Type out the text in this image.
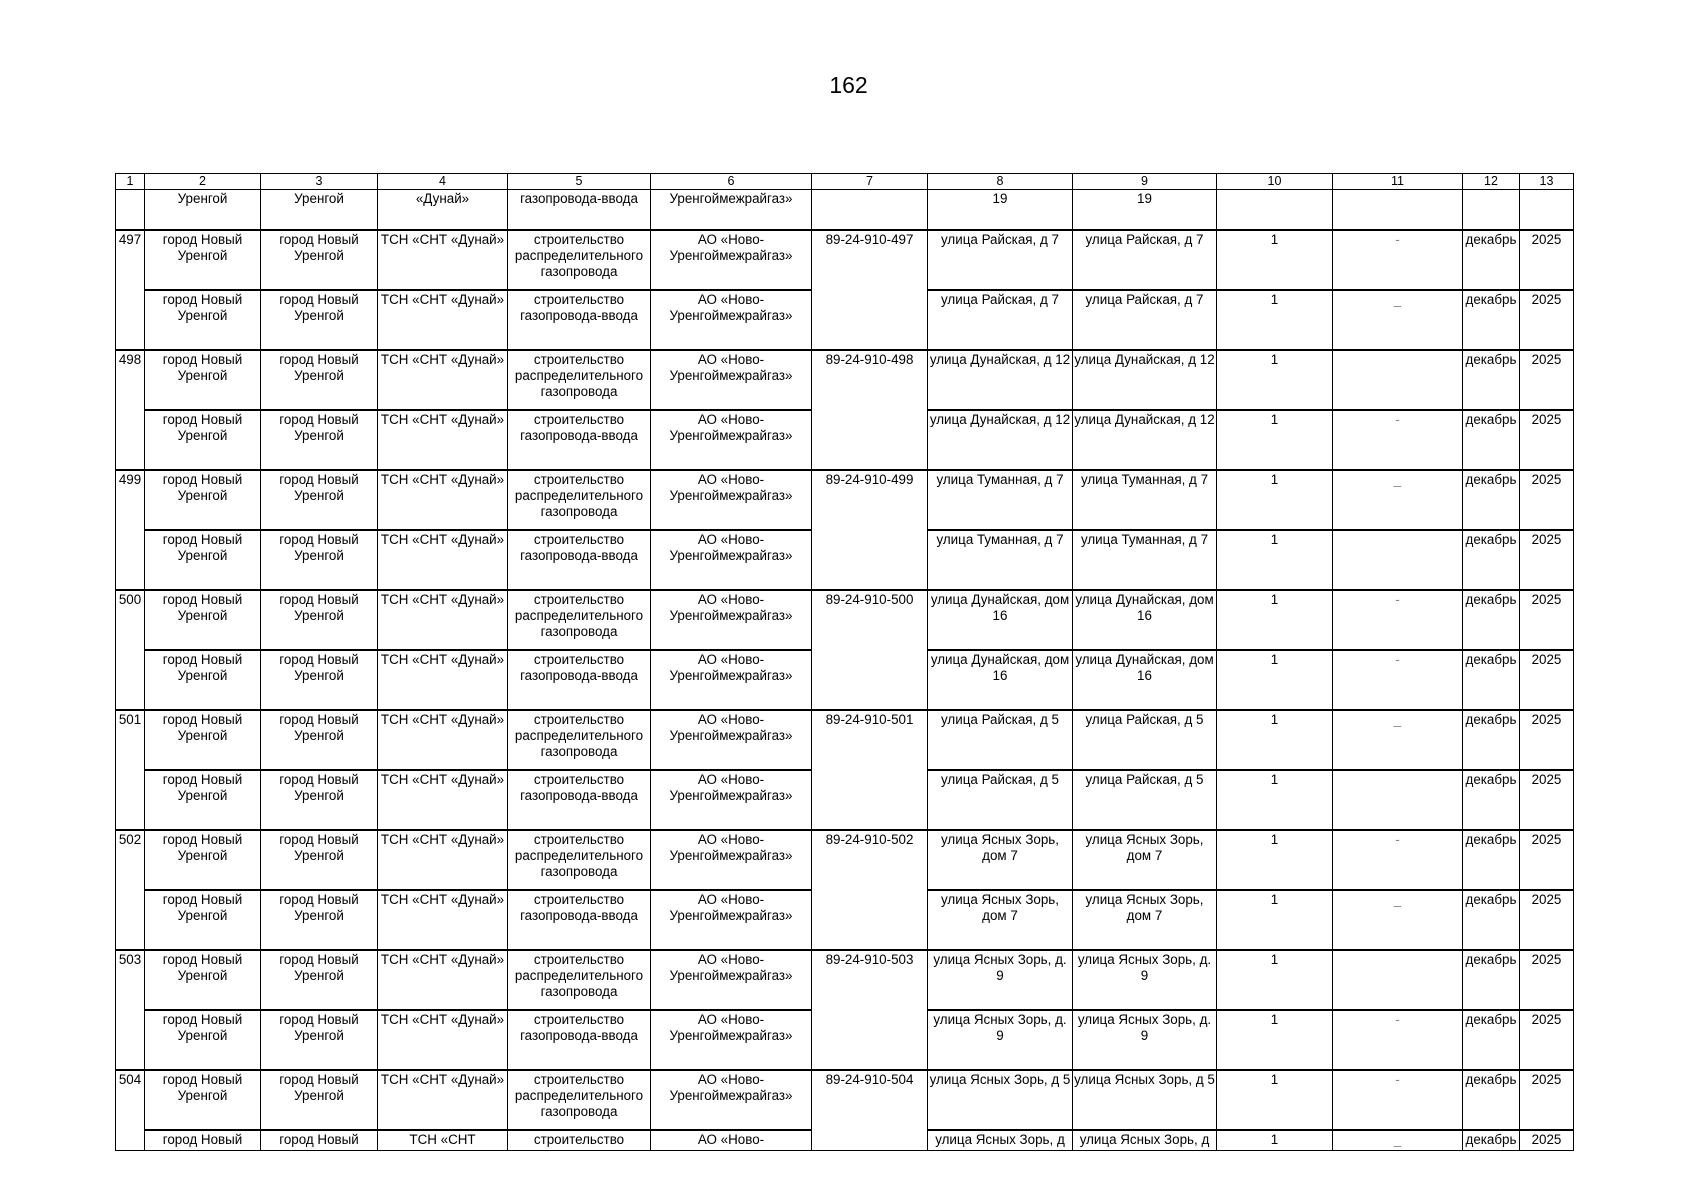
162
1	2	3	4	5	6	7	8	9	10	11	12	13
	Уренгой	Уренгой	«Дунай»	газопровода-ввода	Уренгоймежрайгаз»		19	19				
497	город Новый Уренгой	город Новый Уренгой	ТСН «СНТ «Дунай»	строительство распределительного газопровода	АО «Ново-Уренгоймежрайгаз»	89-24-910-497	улица Райская, д 7	улица Райская, д 7	1	-	декабрь	2025
	город Новый Уренгой	город Новый Уренгой	ТСН «СНТ «Дунай»	строительство газопровода-ввода	АО «Ново-Уренгоймежрайгаз»		улица Райская, д 7	улица Райская, д 7	1	_	декабрь	2025
498	город Новый Уренгой	город Новый Уренгой	ТСН «СНТ «Дунай»	строительство распределительного газопровода	АО «Ново-Уренгоймежрайгаз»	89-24-910-498	улица Дунайская, д 12	улица Дунайская, д 12	1		декабрь	2025
	город Новый Уренгой	город Новый Уренгой	ТСН «СНТ «Дунай»	строительство газопровода-ввода	АО «Ново-Уренгоймежрайгаз»		улица Дунайская, д 12	улица Дунайская, д 12	1	-	декабрь	2025
499	город Новый Уренгой	город Новый Уренгой	ТСН «СНТ «Дунай»	строительство распределительного газопровода	АО «Ново-Уренгоймежрайгаз»	89-24-910-499	улица Туманная, д 7	улица Туманная, д 7	1	_	декабрь	2025
	город Новый Уренгой	город Новый Уренгой	ТСН «СНТ «Дунай»	строительство газопровода-ввода	АО «Ново-Уренгоймежрайгаз»		улица Туманная, д 7	улица Туманная, д 7	1		декабрь	2025
500	город Новый Уренгой	город Новый Уренгой	ТСН «СНТ «Дунай»	строительство распределительного газопровода	АО «Ново-Уренгоймежрайгаз»	89-24-910-500	улица Дунайская, дом 16	улица Дунайская, дом 16	1	-	декабрь	2025
	город Новый Уренгой	город Новый Уренгой	ТСН «СНТ «Дунай»	строительство газопровода-ввода	АО «Ново-Уренгоймежрайгаз»		улица Дунайская, дом 16	улица Дунайская, дом 16	1	-	декабрь	2025
501	город Новый Уренгой	город Новый Уренгой	ТСН «СНТ «Дунай»	строительство распределительного газопровода	АО «Ново-Уренгоймежрайгаз»	89-24-910-501	улица Райская, д 5	улица Райская, д 5	1	_	декабрь	2025
	город Новый Уренгой	город Новый Уренгой	ТСН «СНТ «Дунай»	строительство газопровода-ввода	АО «Ново-Уренгоймежрайгаз»		улица Райская, д 5	улица Райская, д 5	1		декабрь	2025
502	город Новый Уренгой	город Новый Уренгой	ТСН «СНТ «Дунай»	строительство распределительного газопровода	АО «Ново-Уренгоймежрайгаз»	89-24-910-502	улица Ясных Зорь, дом 7	улица Ясных Зорь, дом 7	1	-	декабрь	2025
	город Новый Уренгой	город Новый Уренгой	ТСН «СНТ «Дунай»	строительство газопровода-ввода	АО «Ново-Уренгоймежрайгаз»		улица Ясных Зорь, дом 7	улица Ясных Зорь, дом 7	1	_	декабрь	2025
503	город Новый Уренгой	город Новый Уренгой	ТСН «СНТ «Дунай»	строительство распределительного газопровода	АО «Ново-Уренгоймежрайгаз»	89-24-910-503	улица Ясных Зорь, д. 9	улица Ясных Зорь, д. 9	1		декабрь	2025
	город Новый Уренгой	город Новый Уренгой	ТСН «СНТ «Дунай»	строительство газопровода-ввода	АО «Ново-Уренгоймежрайгаз»		улица Ясных Зорь, д. 9	улица Ясных Зорь, д. 9	1	-	декабрь	2025
504	город Новый Уренгой	город Новый Уренгой	ТСН «СНТ «Дунай»	строительство распределительного газопровода	АО «Ново-Уренгоймежрайгаз»	89-24-910-504	улица Ясных Зорь, д 5	улица Ясных Зорь, д 5	1	-	декабрь	2025
	город Новый	город Новый	ТСН «СНТ	строительство	АО «Ново-		улица Ясных Зорь, д	улица Ясных Зорь, д	1	_	декабрь	2025
